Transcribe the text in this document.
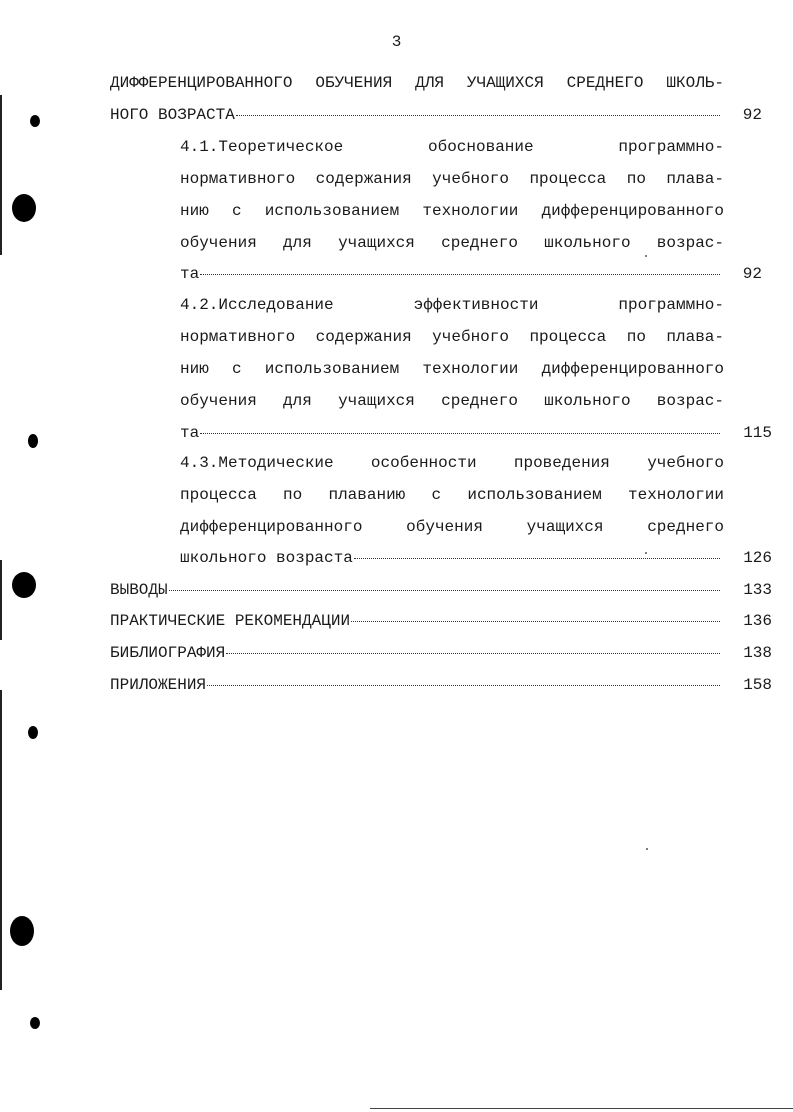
3
ДИФФЕРЕНЦИРОВАННОГО ОБУЧЕНИЯ ДЛЯ УЧАЩИХСЯ СРЕДНЕГО ШКОЛЬ-
НОГО ВОЗРАСТА	92
4.1.Теоретическое обоснование программно-
нормативного содержания учебного процесса по плава-
нию с использованием технологии дифференцированного
обучения для учащихся среднего школьного возрас-
та	92
4.2.Исследование эффективности программно-
нормативного содержания учебного процесса по плава-
нию с использованием технологии дифференцированного
обучения для учащихся среднего школьного возрас-
та	115
4.3.Методические особенности проведения учебного
процесса по плаванию с использованием технологии
дифференцированного обучения учащихся среднего
школьного возраста	126
ВЫВОДЫ	133
ПРАКТИЧЕСКИЕ РЕКОМЕНДАЦИИ	136
БИБЛИОГРАФИЯ	138
ПРИЛОЖЕНИЯ	158
